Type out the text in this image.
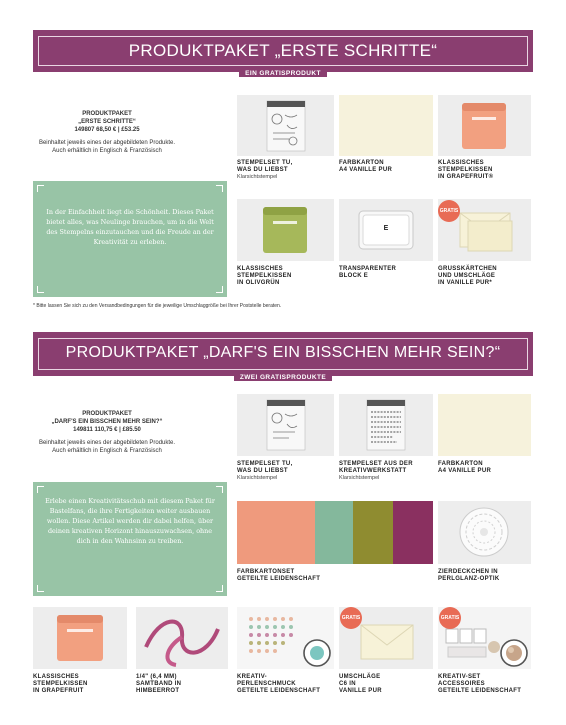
PRODUKTPAKET „ERSTE SCHRITTE“
EIN GRATISPRODUKT
PRODUKTPAKET
„ERSTE SCHRITTE“
149807 68,50 € | £53.25
Beinhaltet jeweils eines der abgebildeten Produkte.
Auch erhältlich in Englisch & Französisch
In der Einfachheit liegt die Schönheit. Dieses Paket bietet alles, was Neulinge brauchen, um in die Welt des Stempelns einzutauchen und die Freude an der Kreativität zu erleben.
STEMPELSET TU,
WAS DU LIEBST
Klarsichtstempel
FARBKARTON
A4 VANILLE PUR
KLASSISCHES
STEMPELKISSEN
IN GRAPEFRUIT®
E
GRATIS
KLASSISCHES
STEMPELKISSEN
IN OLIVGRÜN
TRANSPARENTER
BLOCK E
GRUSSKÄRTCHEN
UND UMSCHLÄGE
IN VANILLE PUR*
* Bitte lassen Sie sich zu den Versandbedingungen für die jeweilige Umschlaggröße bei Ihrer Poststelle beraten.
PRODUKTPAKET „DARF'S EIN BISSCHEN MEHR SEIN?“
ZWEI GRATISPRODUKTE
PRODUKTPAKET
„DARF'S EIN BISSCHEN MEHR SEIN?“
149811 110,75 € | £85.50
Beinhaltet jeweils eines der abgebildeten Produkte.
Auch erhältlich in Englisch & Französisch
Erlebe einen Kreativitätsschub mit diesem Paket für Bastelfans, die ihre Fertigkeiten weiter ausbauen wollen. Diese Artikel werden dir dabei helfen, über deinen kreativen Horizont hinauszuwachsen, ohne dich in den Wahnsinn zu treiben.
STEMPELSET TU,
WAS DU LIEBST
Klarsichtstempel
STEMPELSET AUS DER
KREATIVWERKSTATT
Klarsichtstempel
FARBKARTON
A4 VANILLE PUR
FARBKARTONSET
GETEILTE LEIDENSCHAFT
ZIERDECKCHEN IN
PERLGLANZ-OPTIK
GRATIS	GRATIS
KLASSISCHES
STEMPELKISSEN
IN GRAPEFRUIT
1/4" (6,4 MM)
SAMTBAND IN
HIMBEERROT
KREATIV-
PERLENSCHMUCK
GETEILTE LEIDENSCHAFT
UMSCHLÄGE
C6 IN
VANILLE PUR
KREATIV-SET
ACCESSOIRES
GETEILTE LEIDENSCHAFT
